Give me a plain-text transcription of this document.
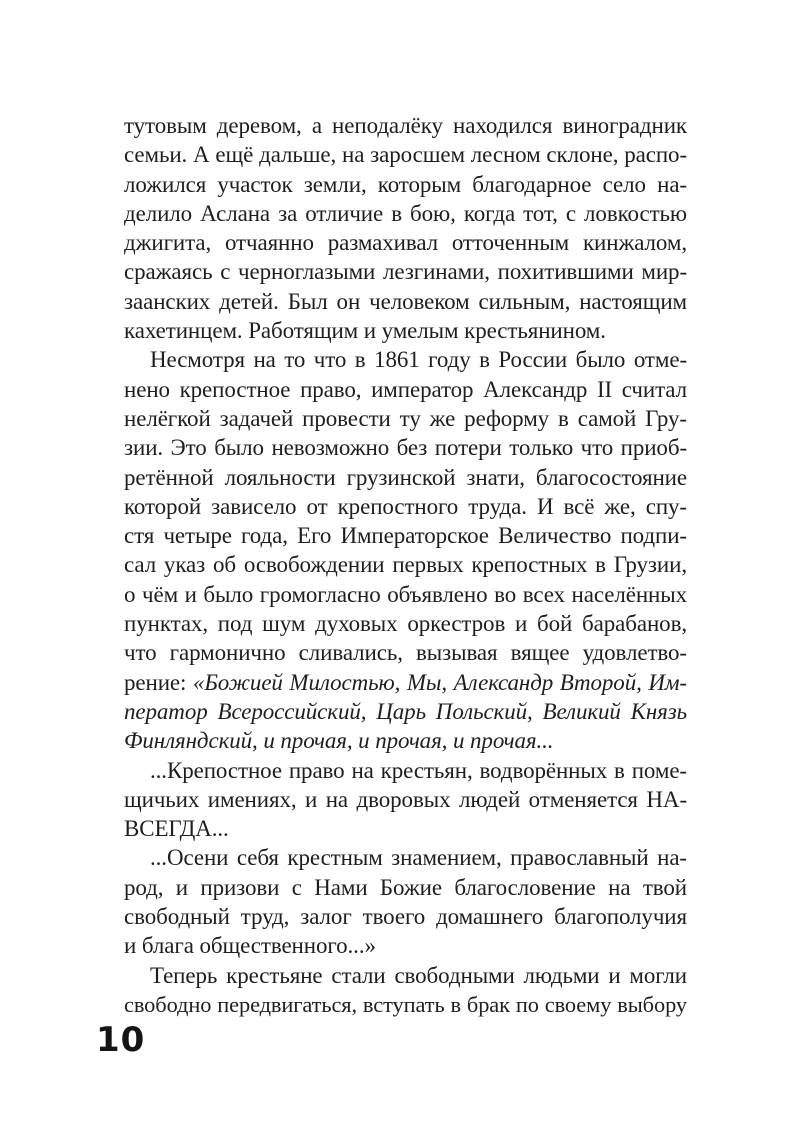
тутовым деревом, а неподалёку находился виноградник
семьи. А ещё дальше, на заросшем лесном склоне, распо-
ложился участок земли, которым благодарное село на-
делило Аслана за отличие в бою, когда тот, с ловкостью
джигита, отчаянно размахивал отточенным кинжалом,
сражаясь с черноглазыми лезгинами, похитившими мир-
заанских детей. Был он человеком сильным, настоящим
кахетинцем. Работящим и умелым крестьянином.
Несмотря на то что в 1861 году в России было отме-
нено крепостное право, император Александр II считал
нелёгкой задачей провести ту же реформу в самой Гру-
зии. Это было невозможно без потери только что приоб-
ретённой лояльности грузинской знати, благосостояние
которой зависело от крепостного труда. И всё же, спу-
стя четыре года, Его Императорское Величество подпи-
сал указ об освобождении первых крепостных в Грузии,
о чём и было громогласно объявлено во всех населённых
пунктах, под шум духовых оркестров и бой барабанов,
что гармонично сливались, вызывая вящее удовлетво-
рение: «Божией Милостью, Мы, Александр Второй, Им-
ператор Всероссийский, Царь Польский, Великий Князь
Финляндский, и прочая, и прочая, и прочая...
...Крепостное право на крестьян, водворённых в поме-
щичьих имениях, и на дворовых людей отменяется НА-
ВСЕГДА...
...Осени себя крестным знамением, православный на-
род, и призови с Нами Божие благословение на твой
свободный труд, залог твоего домашнего благополучия
и блага общественного...»
Теперь крестьяне стали свободными людьми и могли
свободно передвигаться, вступать в брак по своему выбору
10
